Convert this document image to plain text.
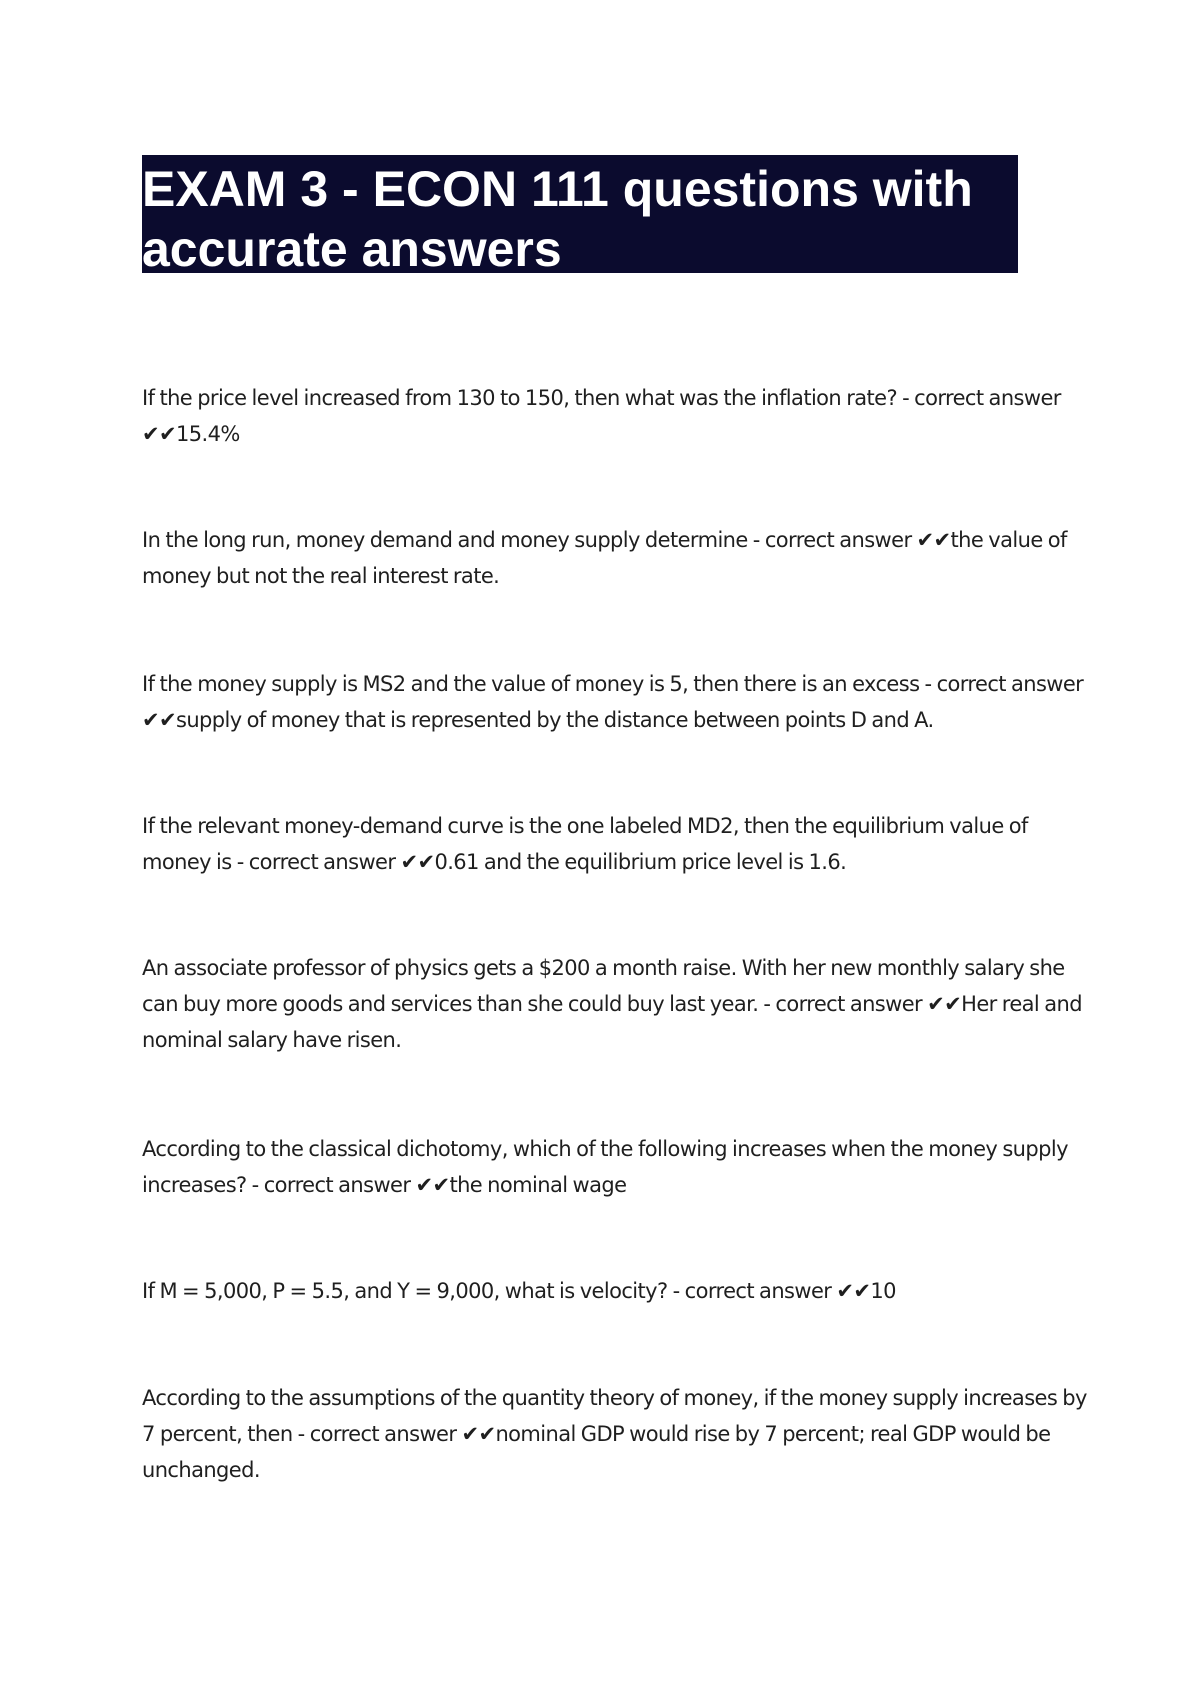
EXAM 3 - ECON 111 questions with
accurate answers
If the price level increased from 130 to 150, then what was the inflation rate? - correct answer
✔✔15.4%
In the long run, money demand and money supply determine - correct answer ✔✔the value of
money but not the real interest rate.
If the money supply is MS2 and the value of money is 5, then there is an excess - correct answer
✔✔supply of money that is represented by the distance between points D and A.
If the relevant money-demand curve is the one labeled MD2, then the equilibrium value of
money is - correct answer ✔✔0.61 and the equilibrium price level is 1.6.
An associate professor of physics gets a $200 a month raise. With her new monthly salary she
can buy more goods and services than she could buy last year. - correct answer ✔✔Her real and
nominal salary have risen.
According to the classical dichotomy, which of the following increases when the money supply
increases? - correct answer ✔✔the nominal wage
If M = 5,000, P = 5.5, and Y = 9,000, what is velocity? - correct answer ✔✔10
According to the assumptions of the quantity theory of money, if the money supply increases by
7 percent, then - correct answer ✔✔nominal GDP would rise by 7 percent; real GDP would be
unchanged.
